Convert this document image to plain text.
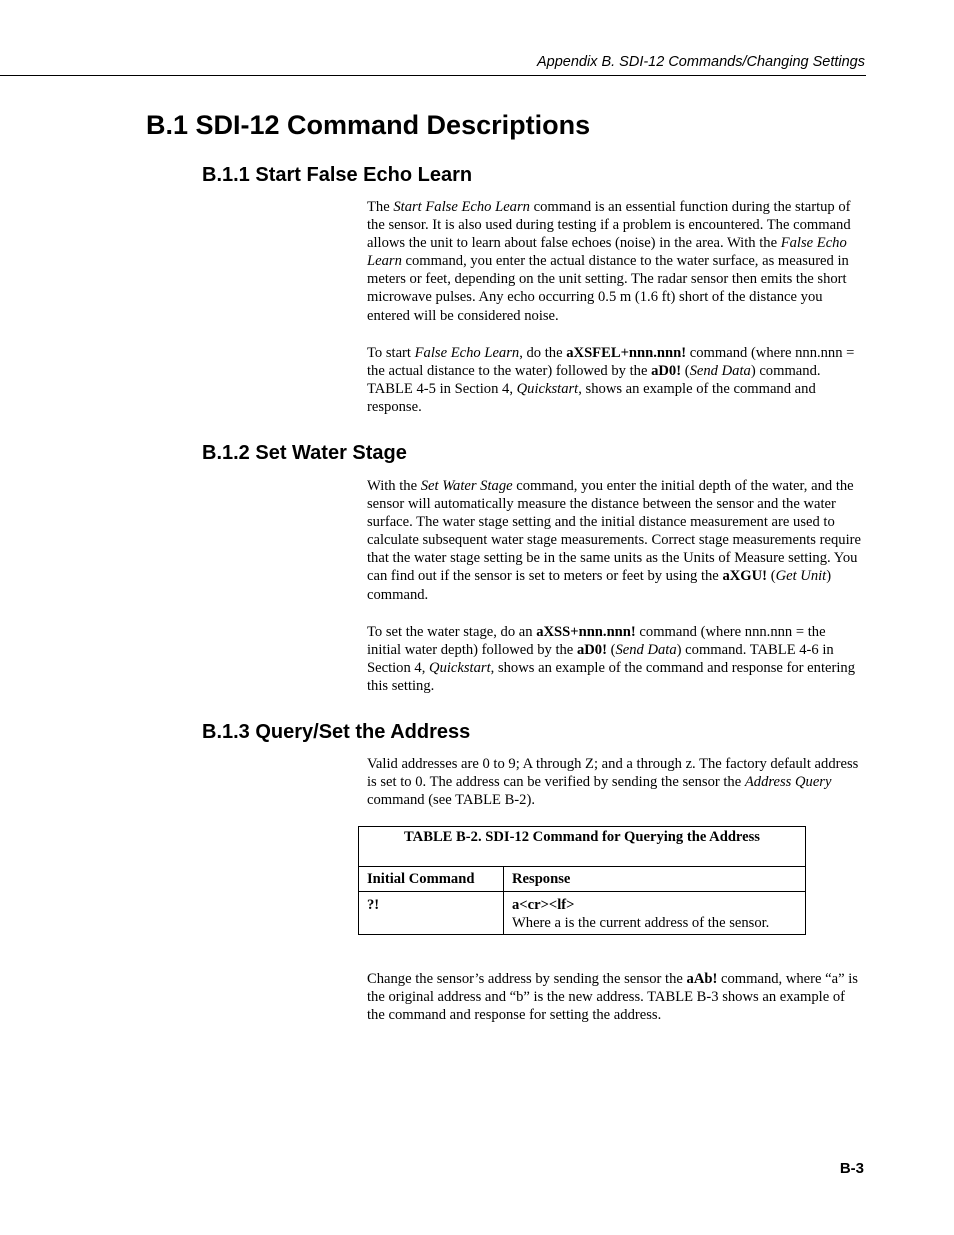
Appendix B. SDI-12 Commands/Changing Settings
B.1 SDI-12 Command Descriptions
B.1.1 Start False Echo Learn

The Start False Echo Learn command is an essential function during the startup of the sensor. It is also used during testing if a problem is encountered. The command allows the unit to learn about false echoes (noise) in the area. With the False Echo Learn command, you enter the actual distance to the water surface, as measured in meters or feet, depending on the unit setting. The radar sensor then emits the short microwave pulses. Any echo occurring 0.5 m (1.6 ft) short of the distance you entered will be considered noise.

To start False Echo Learn, do the aXSFEL+nnn.nnn! command (where nnn.nnn = the actual distance to the water) followed by the aD0! (Send Data) command. TABLE 4-5 in Section 4, Quickstart, shows an example of the command and response.

B.1.2 Set Water Stage

With the Set Water Stage command, you enter the initial depth of the water, and the sensor will automatically measure the distance between the sensor and the water surface. The water stage setting and the initial distance measurement are used to calculate subsequent water stage measurements. Correct stage measurements require that the water stage setting be in the same units as the Units of Measure setting. You can find out if the sensor is set to meters or feet by using the aXGU! (Get Unit) command.

To set the water stage, do an aXSS+nnn.nnn! command (where nnn.nnn = the initial water depth) followed by the aD0! (Send Data) command. TABLE 4-6 in Section 4, Quickstart, shows an example of the command and response for entering this setting.

B.1.3 Query/Set the Address

Valid addresses are 0 to 9; A through Z; and a through z. The factory default address is set to 0. The address can be verified by sending the sensor the Address Query command (see TABLE B-2).

TABLE B-2. SDI-12 Command for Querying the Address	
Initial Command	Response
?!	a<cr><lf>
Where a is the current address of the sensor.

Change the sensor’s address by sending the sensor the aAb! command, where “a” is the original address and “b” is the new address. TABLE B-3 shows an example of the command and response for setting the address.

B-3
